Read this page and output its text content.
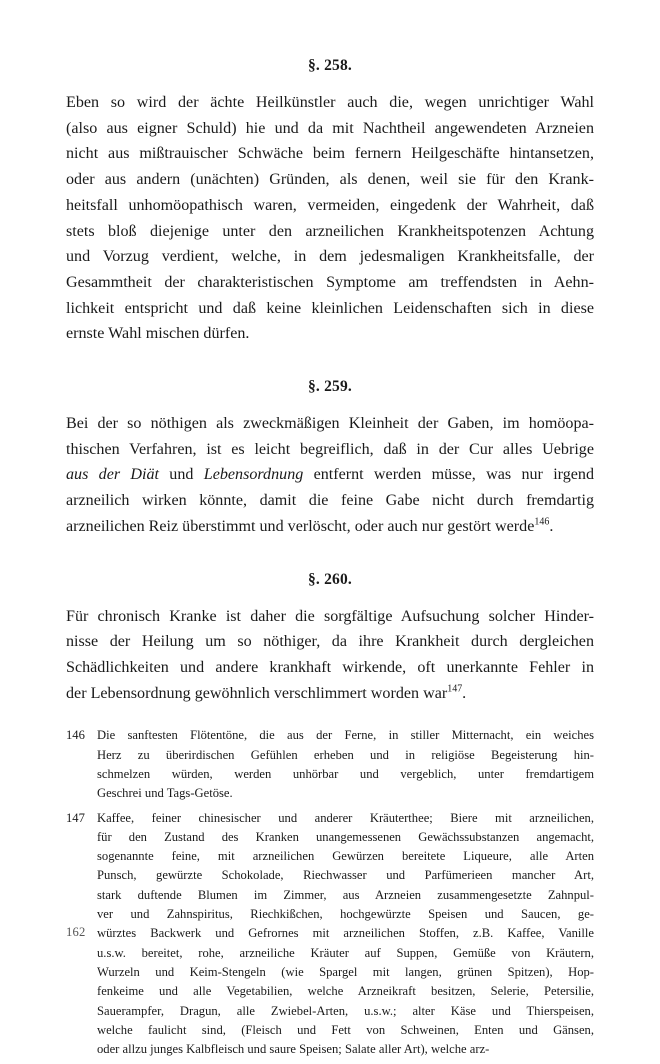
§. 258.
Eben so wird der ächte Heilkünstler auch die, wegen unrichtiger Wahl
(also aus eigner Schuld) hie und da mit Nachtheil angewendeten Arzneien
nicht aus mißtrauischer Schwäche beim fernern Heilgeschäfte hintansetzen,
oder aus andern (unächten) Gründen, als denen, weil sie für den Krank-
heitsfall unhomöopathisch waren, vermeiden, eingedenk der Wahrheit, daß
stets bloß diejenige unter den arzneilichen Krankheitspotenzen Achtung
und Vorzug verdient, welche, in dem jedesmaligen Krankheitsfalle, der
Gesammtheit der charakteristischen Symptome am treffendsten in Aehn-
lichkeit entspricht und daß keine kleinlichen Leidenschaften sich in diese
ernste Wahl mischen dürfen.
§. 259.
Bei der so nöthigen als zweckmäßigen Kleinheit der Gaben, im homöopa-
thischen Verfahren, ist es leicht begreiflich, daß in der Cur alles Uebrige
aus der Diät und Lebensordnung entfernt werden müsse, was nur irgend
arzneilich wirken könnte, damit die feine Gabe nicht durch fremdartig
arzneilichen Reiz überstimmt und verlöscht, oder auch nur gestört werde$^{146}$.
§. 260.
Für chronisch Kranke ist daher die sorgfältige Aufsuchung solcher Hinder-
nisse der Heilung um so nöthiger, da ihre Krankheit durch dergleichen
Schädlichkeiten und andere krankhaft wirkende, oft unerkannte Fehler in
der Lebensordnung gewöhnlich verschlimmert worden war$^{147}$.
146 Die sanftesten Flötentöne, die aus der Ferne, in stiller Mitternacht, ein weiches
Herz zu überirdischen Gefühlen erheben und in religiöse Begeisterung hin-
schmelzen würden, werden unhörbar und vergeblich, unter fremdartigem
Geschrei und Tags-Getöse.
147 Kaffee, feiner chinesischer und anderer Kräuterthee; Biere mit arzneilichen,
für den Zustand des Kranken unangemessenen Gewächssubstanzen angemacht,
sogenannte feine, mit arzneilichen Gewürzen bereitete Liqueure, alle Arten
Punsch, gewürzte Schokolade, Riechwasser und Parfümerieen mancher Art,
stark duftende Blumen im Zimmer, aus Arzneien zusammengesetzte Zahnpul-
ver und Zahnspiritus, Riechkißchen, hochgewürzte Speisen und Saucen, ge-
würztes Backwerk und Gefrornes mit arzneilichen Stoffen, z.B. Kaffee, Vanille
u.s.w. bereitet, rohe, arzneiliche Kräuter auf Suppen, Gemüße von Kräutern,
Wurzeln und Keim-Stengeln (wie Spargel mit langen, grünen Spitzen), Hop-
fenkeime und alle Vegetabilien, welche Arzneikraft besitzen, Selerie, Petersilie,
Sauerampfer, Dragun, alle Zwiebel-Arten, u.s.w.; alter Käse und Thierspeisen,
welche faulicht sind, (Fleisch und Fett von Schweinen, Enten und Gänsen,
oder allzu junges Kalbfleisch und saure Speisen; Salate aller Art), welche arz-
162
